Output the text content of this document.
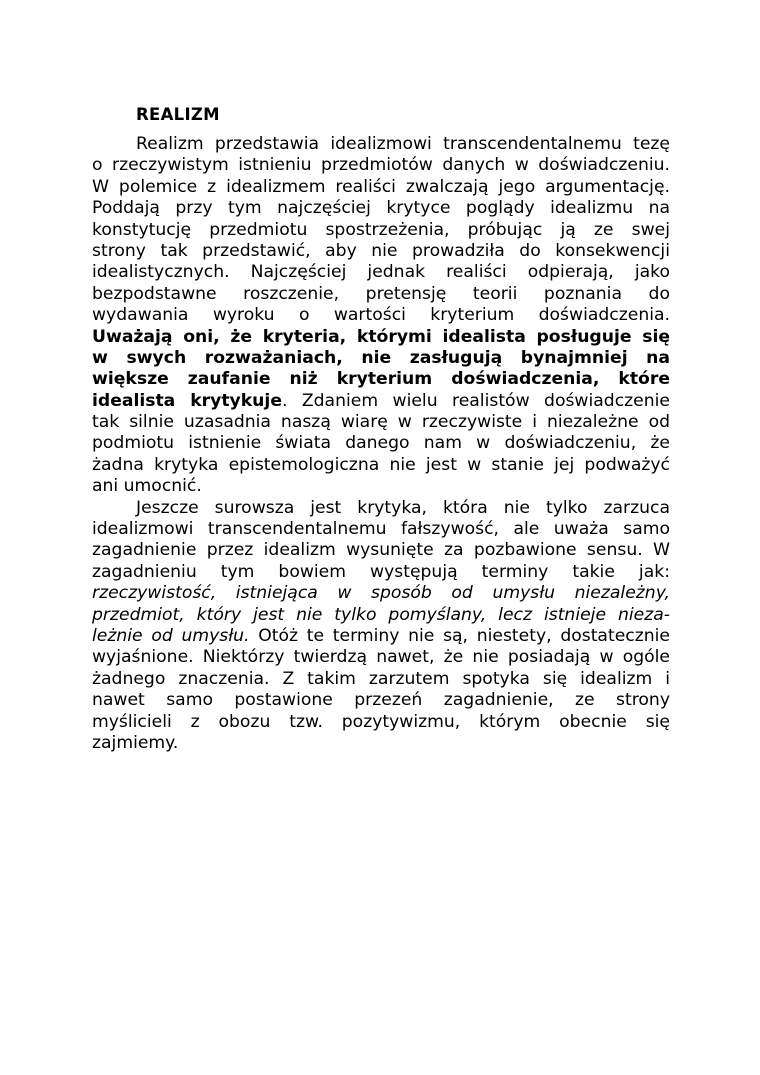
REALIZM
Realizm przedstawia idealizmowi transcendentalnemu tezę
o rzeczywistym istnieniu przedmiotów danych w doświadczeniu.
W polemice z idealizmem realiści zwalczają jego argumentację.
Poddają przy tym najczęściej krytyce poglądy idealizmu na
konstytucję przedmiotu spostrzeżenia, próbując ją ze swej
strony tak przedstawić, aby nie prowadziła do konsekwencji
idealistycznych. Najczęściej jednak realiści odpierają, jako
bezpodstawne roszczenie, pretensję teorii poznania do
wydawania wyroku o wartości kryterium doświadczenia.
Uważają oni, że kryteria, którymi idealista posługuje się
w swych rozważaniach, nie zasługują bynajmniej na
większe zaufanie niż kryterium doświadczenia, które
idealista krytykuje. Zdaniem wielu realistów doświadczenie
tak silnie uzasadnia naszą wiarę w rzeczywiste i niezależne od
podmiotu istnienie świata danego nam w doświadczeniu, że
żadna krytyka epistemologiczna nie jest w stanie jej podważyć
ani umocnić.
Jeszcze surowsza jest krytyka, która nie tylko zarzuca
idealizmowi transcendentalnemu fałszywość, ale uważa samo
zagadnienie przez idealizm wysunięte za pozbawione sensu. W
zagadnieniu tym bowiem występują terminy takie jak:
rzeczywistość, istniejąca w sposób od umysłu niezależny,
przedmiot, który jest nie tylko pomyślany, lecz istnieje nieza-
leżnie od umysłu. Otóż te terminy nie są, niestety, dostatecznie
wyjaśnione. Niektórzy twierdzą nawet, że nie posiadają w ogóle
żadnego znaczenia. Z takim zarzutem spotyka się idealizm i
nawet samo postawione przezeń zagadnienie, ze strony
myślicieli z obozu tzw. pozytywizmu, którym obecnie się
zajmiemy.
